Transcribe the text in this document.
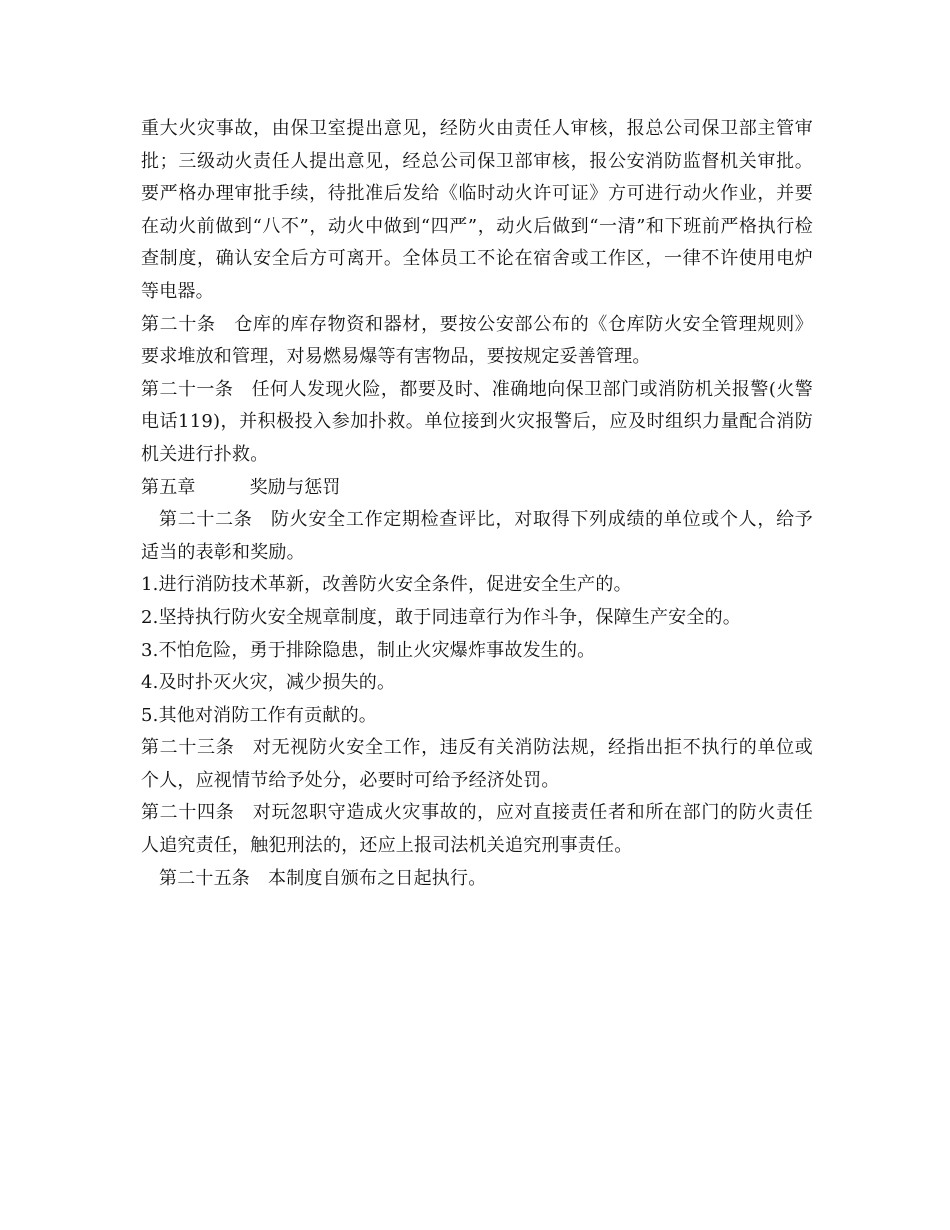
重大火灾事故，由保卫室提出意见，经防火由责任人审核，报总公司保卫部主管审批；三级动火责任人提出意见，经总公司保卫部审核，报公安消防监督机关审批。要严格办理审批手续，待批准后发给《临时动火许可证》方可进行动火作业，并要在动火前做到“八不”，动火中做到“四严”，动火后做到“一清”和下班前严格执行检查制度，确认安全后方可离开。全体员工不论在宿舍或工作区，一律不许使用电炉等电器。

第二十条 仓库的库存物资和器材，要按公安部公布的《仓库防火安全管理规则》要求堆放和管理，对易燃易爆等有害物品，要按规定妥善管理。

第二十一条 任何人发现火险，都要及时、准确地向保卫部门或消防机关报警(火警电话119)，并积极投入参加扑救。单位接到火灾报警后，应及时组织力量配合消防机关进行扑救。

第五章	奖励与惩罚

第二十二条 防火安全工作定期检查评比，对取得下列成绩的单位或个人，给予适当的表彰和奖励。

1.进行消防技术革新，改善防火安全条件，促进安全生产的。

2.坚持执行防火安全规章制度，敢于同违章行为作斗争，保障生产安全的。

3.不怕危险，勇于排除隐患，制止火灾爆炸事故发生的。

4.及时扑灭火灾，减少损失的。

5.其他对消防工作有贡献的。

第二十三条 对无视防火安全工作，违反有关消防法规，经指出拒不执行的单位或个人，应视情节给予处分，必要时可给予经济处罚。

第二十四条 对玩忽职守造成火灾事故的，应对直接责任者和所在部门的防火责任人追究责任，触犯刑法的，还应上报司法机关追究刑事责任。

第二十五条 本制度自颁布之日起执行。
